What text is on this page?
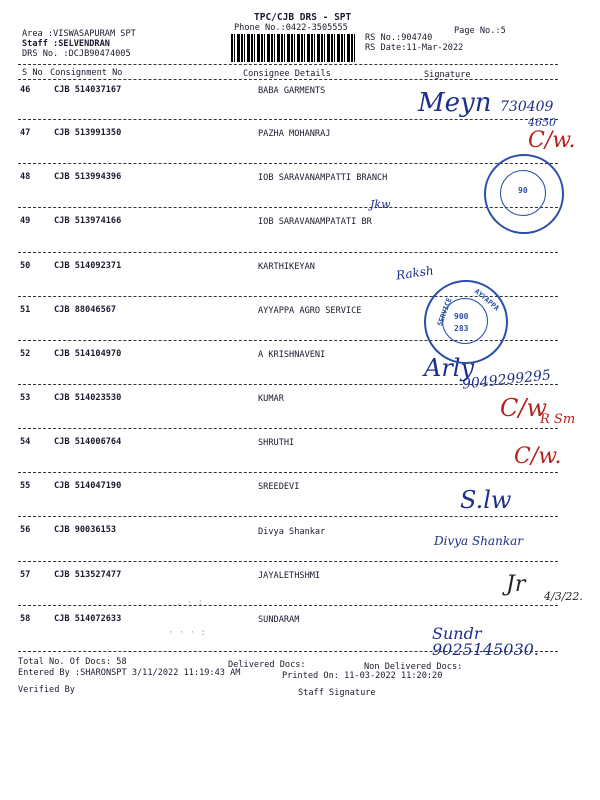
TPC/CJB DRS - SPT
Phone No.:0422-3505555	Page No.:5
Area :VISWASAPURAM SPT
Staff :SELVENDRAN
DRS No. :DCJB90474005
RS No.:904740
RS Date:11-Mar-2022
S No Consignment No	Consignee Details	Signature
46	CJB 514037167	BABA GARMENTS
47	CJB 513991350	PAZHA MOHANRAJ
48	CJB 513994396	IOB SARAVANAMPATTI BRANCH
49	CJB 513974166	IOB SARAVANAMPATATI BR
50	CJB 514092371	KARTHIKEYAN
51	CJB 88046567	AYYAPPA AGRO SERVICE
52	CJB 514104970	A KRISHNAVENI
53	CJB 514023530	KUMAR
54	CJB 514006764	SHRUTHI
55	CJB 514047190	SREEDEVI
56	CJB 90036153	Divya Shankar
57	CJB 513527477	JAYALETHSHMI
58	CJB 514072633	SUNDARAM
. · :
· · · :
Meyn 730409
4650
C/w.
Jkw
Raksh
Arly
9049299295
C/w
R Sm
C/w.
S.lw
Divya Shankar
Jr 4/3/22.
Sundr
9025145030.
90
SERVICE	AYYAPPA
900
283
Total No. Of Docs: 58	Delivered Docs:	Non Delivered Docs:
Entered By :SHARONSPT 3/11/2022 11:19:43 AM	Printed On: 11-03-2022 11:20:20
Verified By	Staff Signature
